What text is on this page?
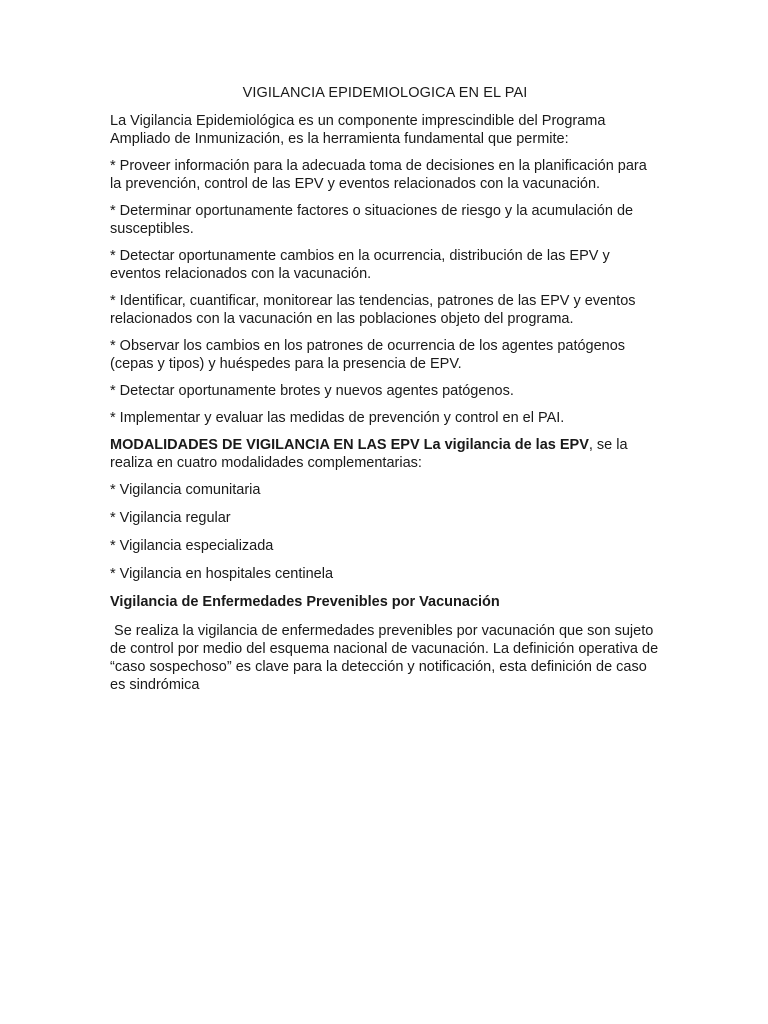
VIGILANCIA EPIDEMIOLOGICA EN EL PAI

La Vigilancia Epidemiológica es un componente imprescindible del Programa Ampliado de Inmunización, es la herramienta fundamental que permite:

* Proveer información para la adecuada toma de decisiones en la planificación para la prevención, control de las EPV y eventos relacionados con la vacunación.

* Determinar oportunamente factores o situaciones de riesgo y la acumulación de susceptibles.

* Detectar oportunamente cambios en la ocurrencia, distribución de las EPV y eventos relacionados con la vacunación.

* Identificar, cuantificar, monitorear las tendencias, patrones de las EPV y eventos relacionados con la vacunación en las poblaciones objeto del programa.

* Observar los cambios en los patrones de ocurrencia de los agentes patógenos (cepas y tipos) y huéspedes para la presencia de EPV.

* Detectar oportunamente brotes y nuevos agentes patógenos.

* Implementar y evaluar las medidas de prevención y control en el PAI.

MODALIDADES DE VIGILANCIA EN LAS EPV La vigilancia de las EPV, se la realiza en cuatro modalidades complementarias:

* Vigilancia comunitaria

* Vigilancia regular

* Vigilancia especializada

* Vigilancia en hospitales centinela

Vigilancia de Enfermedades Prevenibles por Vacunación

Se realiza la vigilancia de enfermedades prevenibles por vacunación que son sujeto de control por medio del esquema nacional de vacunación. La definición operativa de “caso sospechoso” es clave para la detección y notificación, esta definición de caso es sindrómica
